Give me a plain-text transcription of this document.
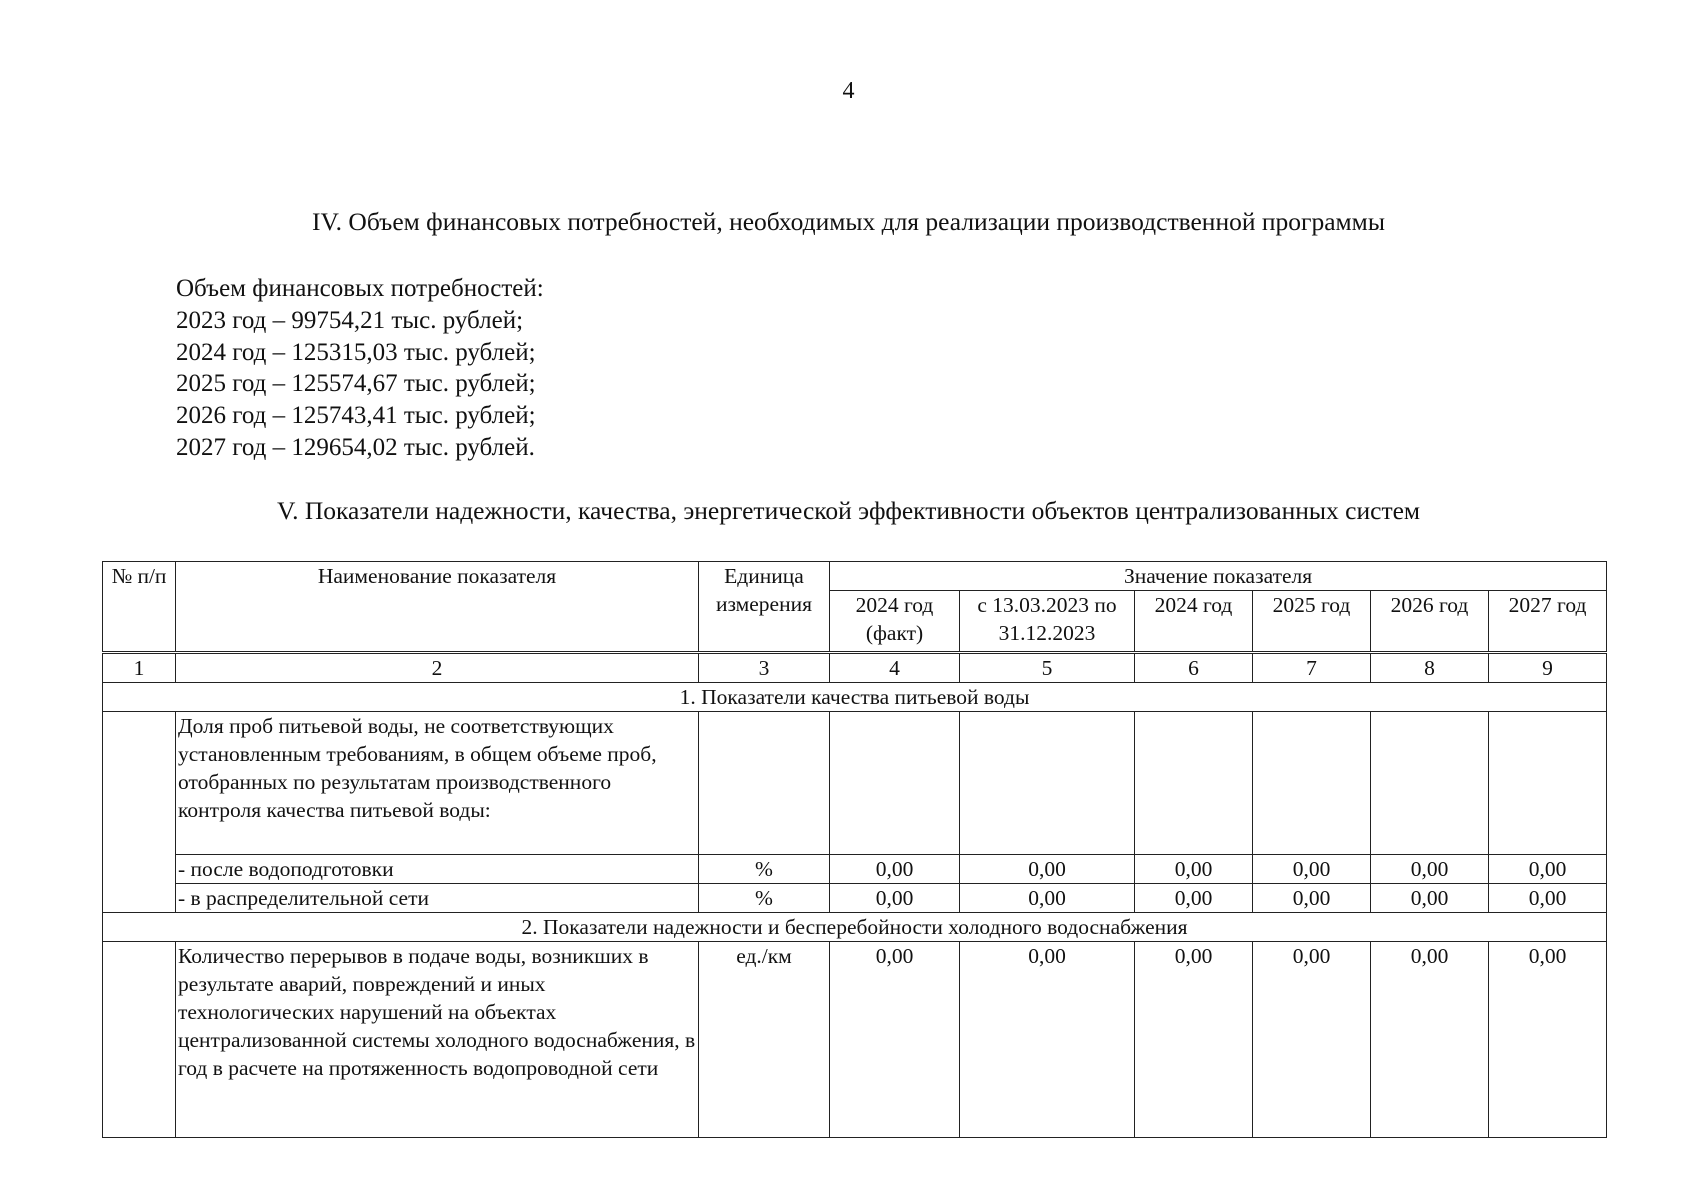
4
IV. Объем финансовых потребностей, необходимых для реализации производственной программы
Объем финансовых потребностей:
2023 год – 99754,21 тыс. рублей;
2024 год – 125315,03 тыс. рублей;
2025 год – 125574,67 тыс. рублей;
2026 год – 125743,41 тыс. рублей;
2027 год – 129654,02 тыс. рублей.
V. Показатели надежности, качества, энергетической эффективности объектов централизованных систем
№ п/п	Наименование показателя	Единица измерения	Значение показателя					
			2024 год (факт)	с 13.03.2023 по 31.12.2023	2024 год	2025 год	2026 год	2027 год
1	2	3	4	5	6	7	8	9
1. Показатели качества питьевой воды								
	Доля проб питьевой воды, не соответствующих установленным требованиям, в общем объеме проб, отобранных по результатам производственного контроля качества питьевой воды:							
	- после водоподготовки	%	0,00	0,00	0,00	0,00	0,00	0,00
	- в распределительной сети	%	0,00	0,00	0,00	0,00	0,00	0,00
2. Показатели надежности и бесперебойности холодного водоснабжения								
	Количество перерывов в подаче воды, возникших в результате аварий, повреждений и иных технологических нарушений на объектах централизованной системы холодного водоснабжения, в год в расчете на протяженность водопроводной сети	ед./км	0,00	0,00	0,00	0,00	0,00	0,00
